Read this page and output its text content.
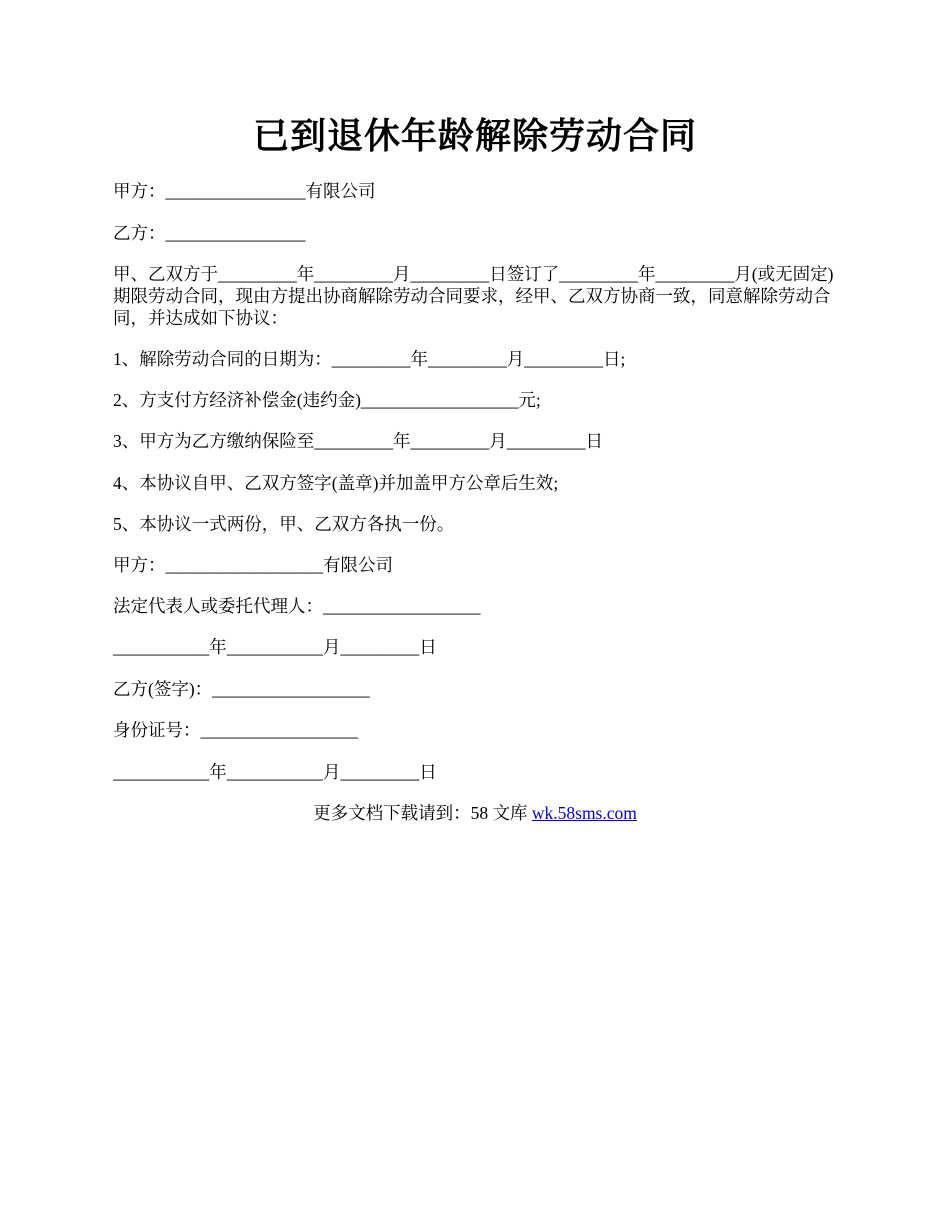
已到退休年龄解除劳动合同

甲方：________________有限公司

乙方：________________

甲、乙双方于_________年_________月_________日签订了_________年_________月(或无固定)期限劳动合同，现由方提出协商解除劳动合同要求，经甲、乙双方协商一致，同意解除劳动合同，并达成如下协议：

1、解除劳动合同的日期为：_________年_________月_________日;

2、方支付方经济补偿金(违约金)__________________元;

3、甲方为乙方缴纳保险至_________年_________月_________日

4、本协议自甲、乙双方签字(盖章)并加盖甲方公章后生效;

5、本协议一式两份，甲、乙双方各执一份。

甲方：__________________有限公司

法定代表人或委托代理人：__________________

___________年___________月_________日

乙方(签字)：__________________

身份证号：__________________

___________年___________月_________日

更多文档下载请到：58 文库 wk.58sms.com
